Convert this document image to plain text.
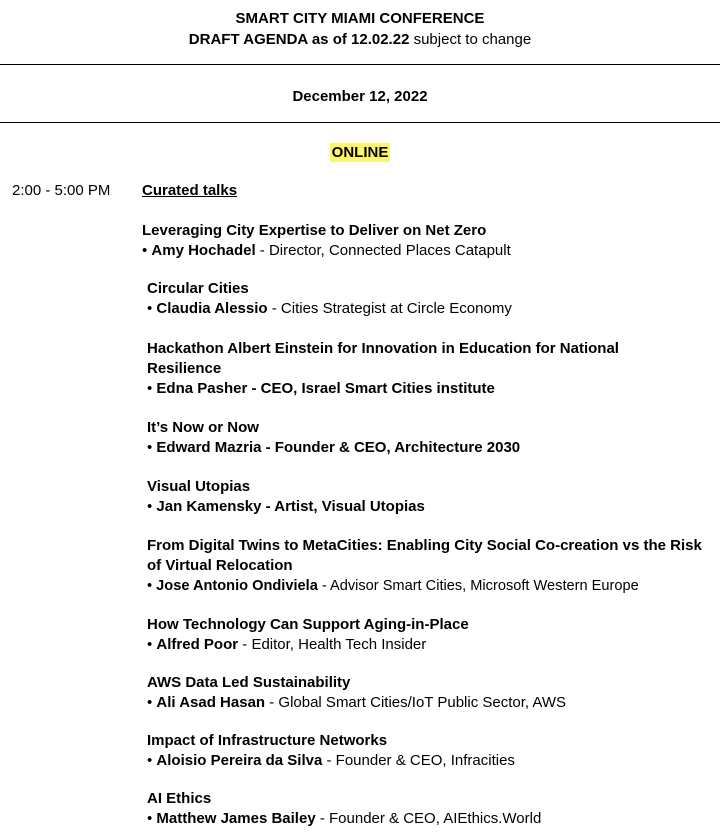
SMART CITY MIAMI CONFERENCE
DRAFT AGENDA as of 12.02.22 subject to change
December 12, 2022
ONLINE
2:00 - 5:00 PM Curated talks
Leveraging City Expertise to Deliver on Net Zero
• Amy Hochadel - Director, Connected Places Catapult
Circular Cities
• Claudia Alessio - Cities Strategist at Circle Economy
Hackathon Albert Einstein for Innovation in Education for National Resilience
• Edna Pasher - CEO, Israel Smart Cities institute
It’s Now or Now
• Edward Mazria - Founder & CEO, Architecture 2030
Visual Utopias
• Jan Kamensky - Artist, Visual Utopias
From Digital Twins to MetaCities: Enabling City Social Co-creation vs the Risk of Virtual Relocation
• Jose Antonio Ondiviela - Advisor Smart Cities, Microsoft Western Europe
How Technology Can Support Aging-in-Place
• Alfred Poor - Editor, Health Tech Insider
AWS Data Led Sustainability
• Ali Asad Hasan - Global Smart Cities/IoT Public Sector, AWS
Impact of Infrastructure Networks
• Aloisio Pereira da Silva - Founder & CEO, Infracities
AI Ethics
• Matthew James Bailey - Founder & CEO, AIEthics.World
